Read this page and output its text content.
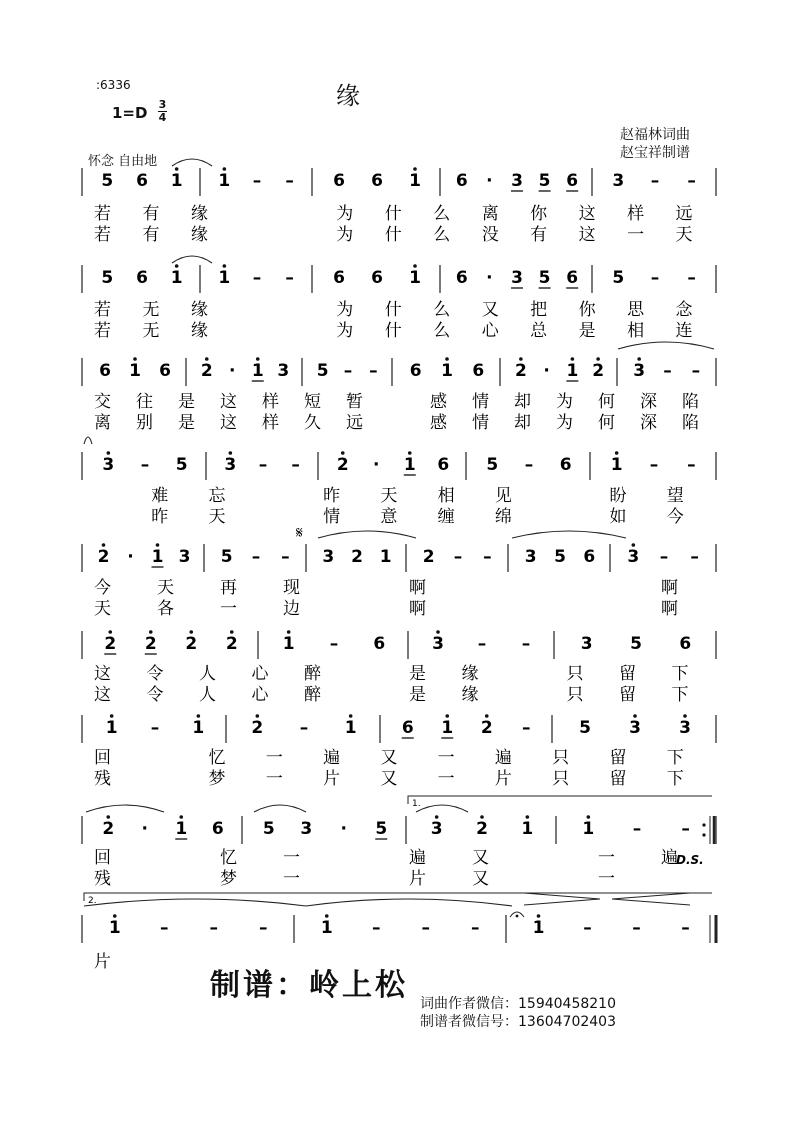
:6336	缘
1=D 3
4
赵福林词曲
赵宝祥制谱
怀念 自由地
5 6 1 1 – – 6 6 1 6 · 3 5 6 3 – –
若 有 缘	为 什 么 离 你 这 样 远
若 有 缘	为 什 么 没 有 这 一 天
5 6 1 1 – – 6 6 1 6 · 3 5 6 5 – –
若 无 缘	为 什 么 又 把 你 思 念
若 无 缘	为 什 么 心 总 是 相 连
6 1 6 2 · 1 3 5 – – 6 1 6 2 · 1 2 3 – –
交 往 是 这 样 短 暂	感 情 却 为 何 深 陷
离 别 是 这 样 久 远	感 情 却 为 何 深 陷
3 – 5 3 – – 2 · 1 6 5 – 6 1 – –
难 忘	昨 天 相 见	盼 望
昨 天	情 意 缠 绵	如 今
2 · 1 3 5 – – 3 2 1 2 – – 3 5 6 3 – –
今	天	再	现	啊	啊
天	各	一	边	啊	啊
𝄋
2 2 2 2	1 – 6	3 – –	3 5 6
这 令 人 心 醉	是 缘	只 留 下
这 令 人 心 醉	是 缘	只 留 下
1 – 1	2 – 1	6 1 2 –	5 3 3
回	忆 一 遍 又 一 遍 只 留 下
残	梦 一 片 又 一 片 只 留 下
2 · 1 6 5 3 · 5	3 2 1	1 – –
回	忆	一	遍	又	一	遍
残	梦	一	片	又	一
1.
D.S.
1 – – –	1 – – –	1 – – –
片
2.
制谱：岭上松
词曲作者微信：15940458210
制谱者微信号：13604702403
